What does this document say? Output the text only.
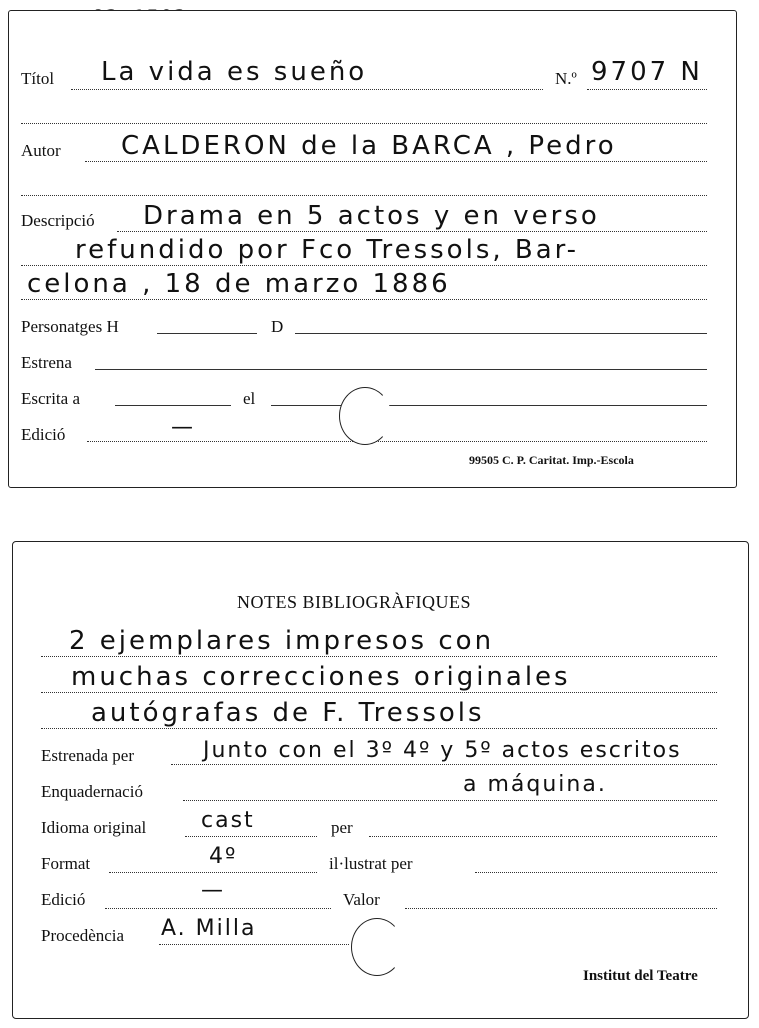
Títol La vida es sueño	N.º 9707 N
Autor CALDERON de la BARCA , Pedro
Descripció Drama en 5 actos y en verso
refundido por Fco Tressols, Bar-
celona , 18 de marzo 1886
Personatges H	D
Estrena
Escrita a	el
Edició	—
99505 C. P. Caritat. Imp.-Escola
NOTES BIBLIOGRÀFIQUES
2 ejemplares impresos con
muchas correcciones originales
autógrafas de F. Tressols
Estrenada per	Junto con el 3º 4º y 5º actos escritos
Enquadernació	a máquina.
Idioma original cast	per
Format	4º	il·lustrat per
Edició	—	Valor
Procedència A. Milla
Institut del Teatre
